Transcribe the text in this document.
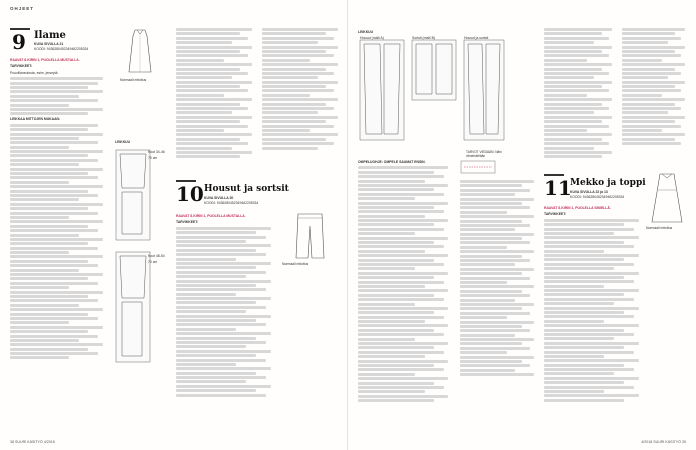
OHJEET
9 Ilame
KUVA SIVULLA 21
KOODI: 9436280452349462205334
Normaali mitoitus

RAAVAT 8-KIRIN 1, PUOLELLA MUSTALLA.

TARVIKKEET:

Puuvillaneulosta, esim. jerseytä

LEIKKAA MITTOJEN MUKAAN:

LEIKKUU
Koot 34-46
70 cm
Koot 48-54
70 cm
10 Housut ja sortsit
KUVA SIVULLA 20
KOODI: 9436280452349462205334
Normaali mitoitus

RAAVAT 8-KIRIN 1, PUOLELLA MUSTALLA.

TARVIKKEET:

38 SUURI KÄSITYÖ 4/2018
LEIKKUU
Housut (malli A)	Sortsit (malli B)	Housut ja sortsit
TARVOT VIEDÄÄN: Näin viimeistellään

OMPELUOHJE: OMPELE SAUMAT ENSIN.

11
Mekko ja toppi
KUVA SIVULLA 22 ja 13
KOODI: 9436280452349462205334
Normaali mitoitus

RAAVAT 8-KIRIN 1, PUOLELLA SINIELLÄ.

TARVIKKEET:

4/2018 SUURI KÄSITYÖ 39
